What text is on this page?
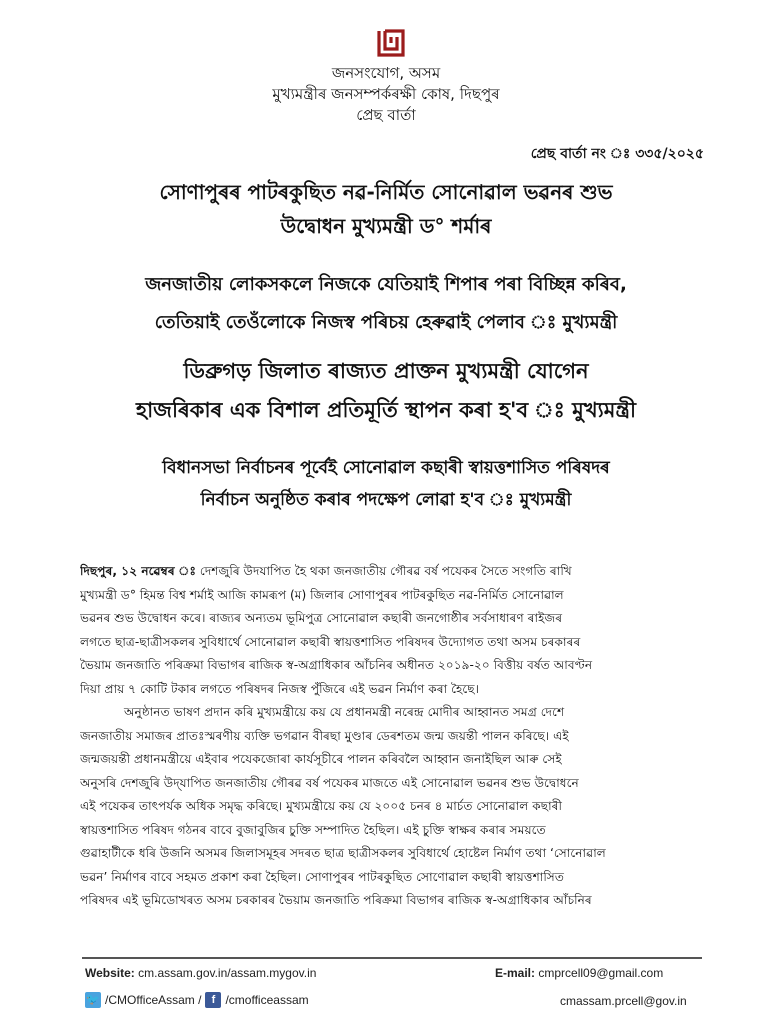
জনসংযোগ, অসম
মুখ্যমন্ত্ৰীৰ জনসম্পৰ্কৰক্ষী কোষ, দিছপুৰ
প্ৰেছ বাৰ্তা
প্ৰেছ বাৰ্তা নং ঃ ৩৩৫/২০২৫
সোণাপুৰৰ পাটৰকুছিত নৱ-নিৰ্মিত সোনোৱাল ভৱনৰ শুভ
উদ্বোধন মুখ্যমন্ত্ৰী ড° শৰ্মাৰ
জনজাতীয় লোকসকলে নিজকে যেতিয়াই শিপাৰ পৰা বিচ্ছিন্ন কৰিব,
তেতিয়াই তেওঁলোকে নিজস্ব পৰিচয় হেৰুৱাই পেলাব ঃ মুখ্যমন্ত্ৰী
ডিব্ৰুগড় জিলাত ৰাজ্যত প্ৰাক্তন মুখ্যমন্ত্ৰী যোগেন
হাজৰিকাৰ এক বিশাল প্ৰতিমূৰ্তি স্থাপন কৰা হ'ব ঃ মুখ্যমন্ত্ৰী
বিধানসভা নিৰ্বাচনৰ পূৰ্বেই সোনোৱাল কছাৰী স্বায়ত্তশাসিত পৰিষদৰ
নিৰ্বাচন অনুষ্ঠিত কৰাৰ পদক্ষেপ লোৱা হ'ব ঃ মুখ্যমন্ত্ৰী
দিছপুৰ, ১২ নৱেম্বৰ ঃ দেশজুৰি উদযাপিত হৈ থকা জনজাতীয় গৌৰৱ বৰ্ষ পযেকৰ সৈতে সংগতি ৰাখি
মুখ্যমন্ত্ৰী ড° হিমন্ত বিশ্ব শৰ্মাই আজি কামৰূপ (ম) জিলাৰ সোণাপুৰৰ পাটৰকুছিত নৱ-নিৰ্মিত সোনোৱাল
ভৱনৰ শুভ উদ্বোধন কৰে। ৰাজ্যৰ অন্যতম ভূমিপুত্ৰ সোনোৱাল কছাৰী জনগোষ্ঠীৰ সৰ্বসাধাৰণ ৰাইজৰ
লগতে ছাত্ৰ-ছাত্ৰীসকলৰ সুবিধাৰ্থে সোনোৱাল কছাৰী স্বায়ত্তশাসিত পৰিষদৰ উদ্যোগত তথা অসম চৰকাৰৰ
ভৈয়াম জনজাতি পৰিক্ৰমা বিভাগৰ ৰাজিক স্ব-অগ্ৰাধিকাৰ আঁচনিৰ অধীনত ২০১৯-২০ বিত্তীয় বৰ্ষত আবণ্টন
দিয়া প্ৰায় ৭ কোটি টকাৰ লগতে পৰিষদৰ নিজস্ব পুঁজিৰে এই ভৱন নিৰ্মাণ কৰা হৈছে।
অনুষ্ঠানত ভাষণ প্ৰদান কৰি মুখ্যমন্ত্ৰীয়ে কয় যে প্ৰধানমন্ত্ৰী নৰেন্দ্ৰ মোদীৰ আহ্বানত সমগ্ৰ দেশে
জনজাতীয় সমাজৰ প্ৰাতঃস্মৰণীয় ব্যক্তি ভগৱান বীৰছা মুণ্ডাৰ ডেৰশতম জন্ম জয়ন্তী পালন কৰিছে। এই
জন্মজয়ন্তী প্ৰধানমন্ত্ৰীয়ে এইবাৰ পযেকজোৰা কাৰ্যসূচীৰে পালন কৰিবলৈ আহ্বান জনাইছিল আৰু সেই
অনুসৰি দেশজুৰি উদ্‌যাপিত জনজাতীয় গৌৰৱ বৰ্ষ পযেকৰ মাজতে এই সোনোৱাল ভৱনৰ শুভ উদ্বোধনে
এই পযেকৰ তাৎপৰ্যক অধিক সমৃদ্ধ কৰিছে। মুখ্যমন্ত্ৰীয়ে কয় যে ২০০৫ চনৰ ৪ মাৰ্চত সোনোৱাল কছাৰী
স্বায়ত্তশাসিত পৰিষদ গঠনৰ বাবে বুজাবুজিৰ চুক্তি সম্পাদিত হৈছিল। এই চুক্তি স্বাক্ষৰ কৰাৰ সময়তে
গুৱাহাটীকে ধৰি উজনি অসমৰ জিলাসমূহৰ সদৰত ছাত্ৰ ছাত্ৰীসকলৰ সুবিধাৰ্থে হোষ্টেল নিৰ্মাণ তথা ‘সোনোৱাল
ভৱন’ নিৰ্মাণৰ বাবে সহমত প্ৰকাশ কৰা হৈছিল। সোণাপুৰৰ পাটৰকুছিত সোণোৱাল কছাৰী স্বায়ত্তশাসিত
পৰিষদৰ এই ভূমিডোখৰত অসম চৰকাৰৰ ভৈয়াম জনজাতি পৰিক্ৰমা বিভাগৰ ৰাজিক স্ব-অগ্ৰাধিকাৰ আঁচনিৰ
Website: cm.assam.gov.in/assam.mygov.in	E-mail: cmprcell09@gmail.com
🐦 /CMOfficeAssam / f /cmofficeassam	cmassam.prcell@gov.in
